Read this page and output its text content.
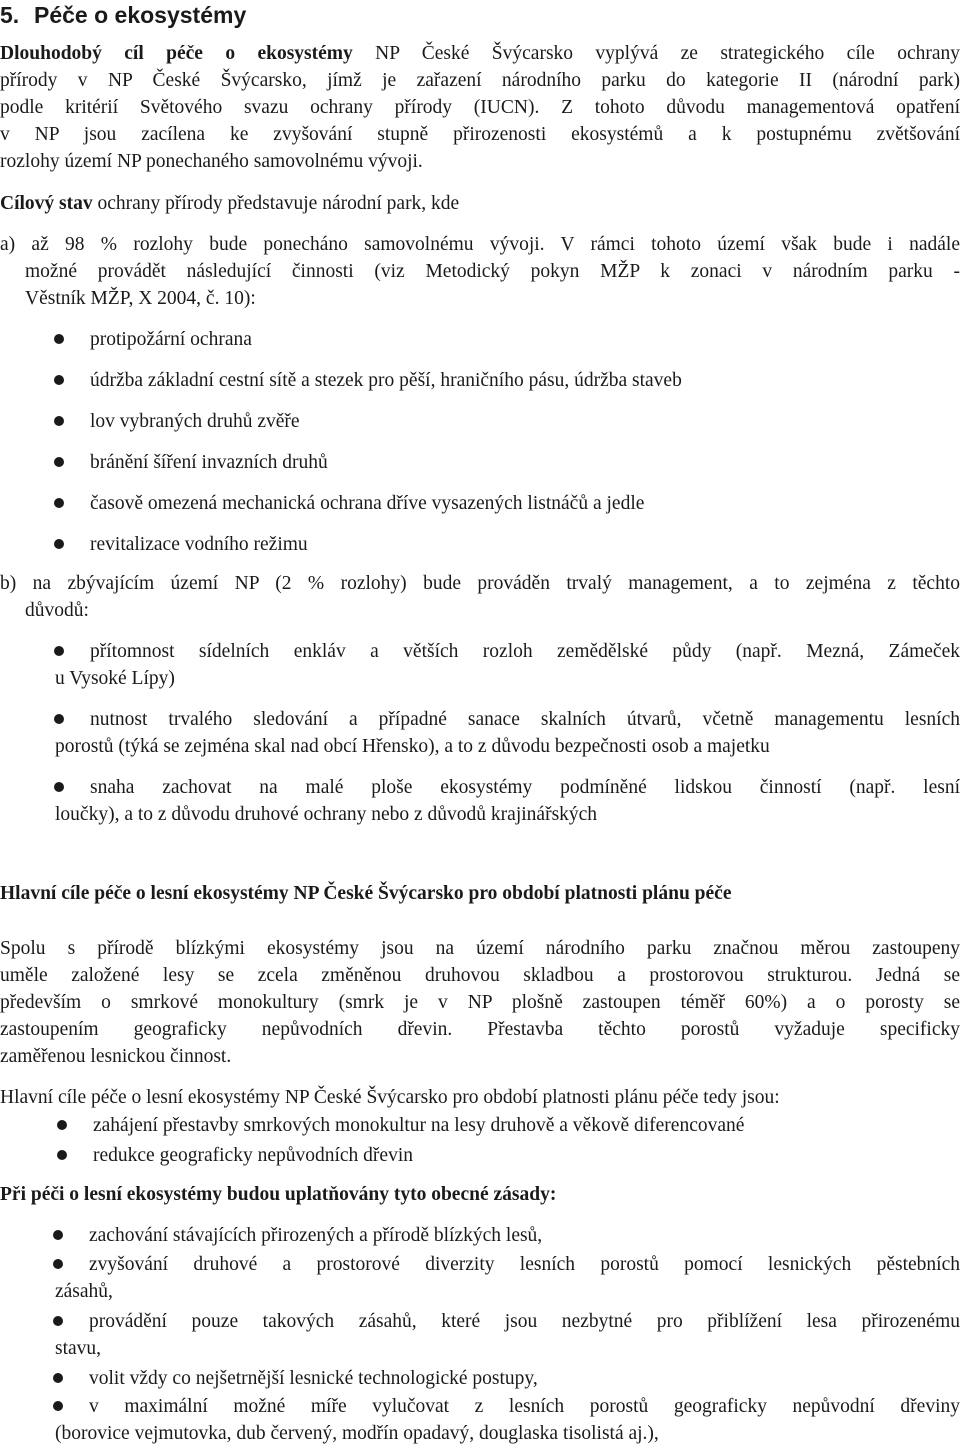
5. Péče o ekosystémy
Dlouhodobý cíl péče o ekosystémy NP České Švýcarsko vyplývá ze strategického cíle ochrany
přírody v NP České Švýcarsko, jímž je zařazení národního parku do kategorie II (národní park)
podle kritérií Světového svazu ochrany přírody (IUCN). Z tohoto důvodu managementová opatření
v NP jsou zacílena ke zvyšování stupně přirozenosti ekosystémů a k postupnému zvětšování
rozlohy území NP ponechaného samovolnému vývoji.
Cílový stav ochrany přírody představuje národní park, kde
a) až 98 % rozlohy bude ponecháno samovolnému vývoji. V rámci tohoto území však bude i nadále
možné provádět následující činnosti (viz Metodický pokyn MŽP k zonaci v národním parku -
Věstník MŽP, X 2004, č. 10):
protipožární ochrana
údržba základní cestní sítě a stezek pro pěší, hraničního pásu, údržba staveb
lov vybraných druhů zvěře
bránění šíření invazních druhů
časově omezená mechanická ochrana dříve vysazených listnáčů a jedle
revitalizace vodního režimu
b) na zbývajícím území NP (2 % rozlohy) bude prováděn trvalý management, a to zejména z těchto
důvodů:
přítomnost sídelních enkláv a větších rozloh zemědělské půdy (např. Mezná, Zámeček
u Vysoké Lípy)
nutnost trvalého sledování a případné sanace skalních útvarů, včetně managementu lesních
porostů (týká se zejména skal nad obcí Hřensko), a to z důvodu bezpečnosti osob a majetku
snaha zachovat na malé ploše ekosystémy podmíněné lidskou činností (např. lesní
loučky), a to z důvodu druhové ochrany nebo z důvodů krajinářských
Hlavní cíle péče o lesní ekosystémy NP České Švýcarsko pro období platnosti plánu péče
Spolu s přírodě blízkými ekosystémy jsou na území národního parku značnou měrou zastoupeny
uměle založené lesy se zcela změněnou druhovou skladbou a prostorovou strukturou. Jedná se
především o smrkové monokultury (smrk je v NP plošně zastoupen téměř 60%) a o porosty se
zastoupením geograficky nepůvodních dřevin. Přestavba těchto porostů vyžaduje specificky
zaměřenou lesnickou činnost.
Hlavní cíle péče o lesní ekosystémy NP České Švýcarsko pro období platnosti plánu péče tedy jsou:
zahájení přestavby smrkových monokultur na lesy druhově a věkově diferencované
redukce geograficky nepůvodních dřevin
Při péči o lesní ekosystémy budou uplatňovány tyto obecné zásady:
zachování stávajících přirozených a přírodě blízkých lesů,
zvyšování druhové a prostorové diverzity lesních porostů pomocí lesnických pěstebních
zásahů,
provádění pouze takových zásahů, které jsou nezbytné pro přiblížení lesa přirozenému
stavu,
volit vždy co nejšetrnější lesnické technologické postupy,
v maximální možné míře vylučovat z lesních porostů geograficky nepůvodní dřeviny
(borovice vejmutovka, dub červený, modřín opadavý, douglaska tisolistá aj.),
